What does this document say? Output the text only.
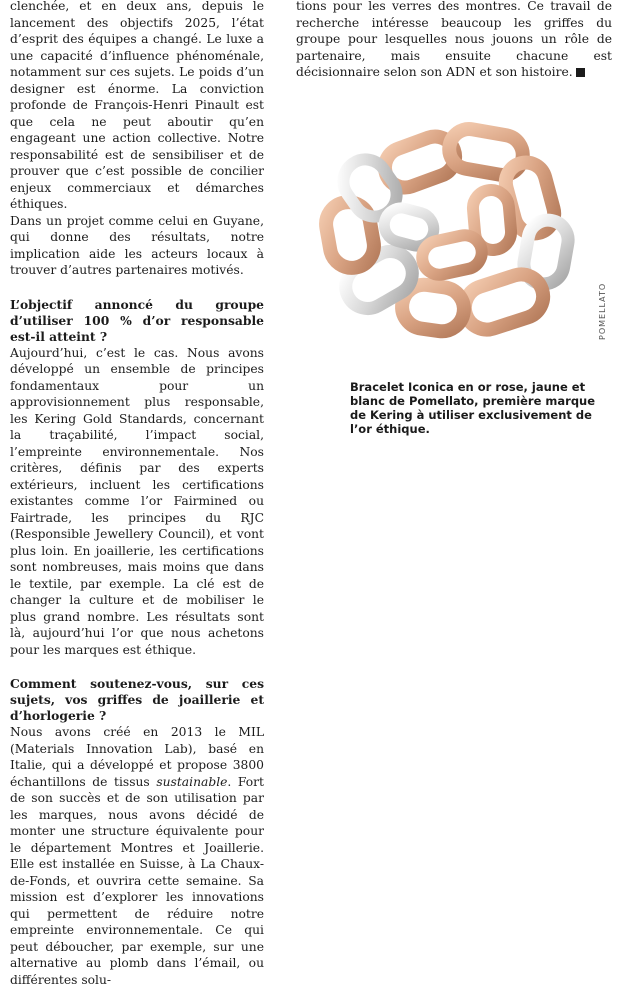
clenchée, et en deux ans, depuis le lancement des objectifs 2025, l’état d’esprit des équipes a changé. Le luxe a une capacité d’influence phénoménale, notamment sur ces sujets. Le poids d’un designer est énorme. La conviction profonde de François-Henri Pinault est que cela ne peut aboutir qu’en engageant une action collective. Notre responsabilité est de sensibiliser et de prouver que c’est possible de concilier enjeux commerciaux et démarches éthiques.

Dans un projet comme celui en Guyane, qui donne des résultats, notre implication aide les acteurs locaux à trouver d’autres partenaires motivés.

L’objectif annoncé du groupe d’utiliser 100 % d’or responsable est-il atteint ?

Aujourd’hui, c’est le cas. Nous avons développé un ensemble de principes fondamentaux pour un approvisionnement plus responsable, les Kering Gold Standards, concernant la traçabilité, l’impact social, l’empreinte environnementale. Nos critères, définis par des experts extérieurs, incluent les certifications existantes comme l’or Fairmined ou Fairtrade, les principes du RJC (Responsible Jewellery Council), et vont plus loin. En joaillerie, les certifications sont nombreuses, mais moins que dans le textile, par exemple. La clé est de changer la culture et de mobiliser le plus grand nombre. Les résultats sont là, aujourd’hui l’or que nous achetons pour les marques est éthique.

Comment soutenez-vous, sur ces sujets, vos griffes de joaillerie et d’horlogerie ?

Nous avons créé en 2013 le MIL (Materials Innovation Lab), basé en Italie, qui a développé et propose 3800 échantillons de tissus sustainable. Fort de son succès et de son utilisation par les marques, nous avons décidé de monter une structure équivalente pour le département Montres et Joaillerie. Elle est installée en Suisse, à La Chaux-de-Fonds, et ouvrira cette semaine. Sa mission est d’explorer les innovations qui permettent de réduire notre empreinte environnementale. Ce qui peut déboucher, par exemple, sur une alternative au plomb dans l’émail, ou différentes solu-

tions pour les verres des montres. Ce travail de recherche intéresse beaucoup les griffes du groupe pour lesquelles nous jouons un rôle de partenaire, mais ensuite chacune est décisionnaire selon son ADN et son histoire.

POMELLATO

Bracelet Iconica en or rose, jaune et blanc de Pomellato, première marque de Kering à utiliser exclusivement de l’or éthique.
